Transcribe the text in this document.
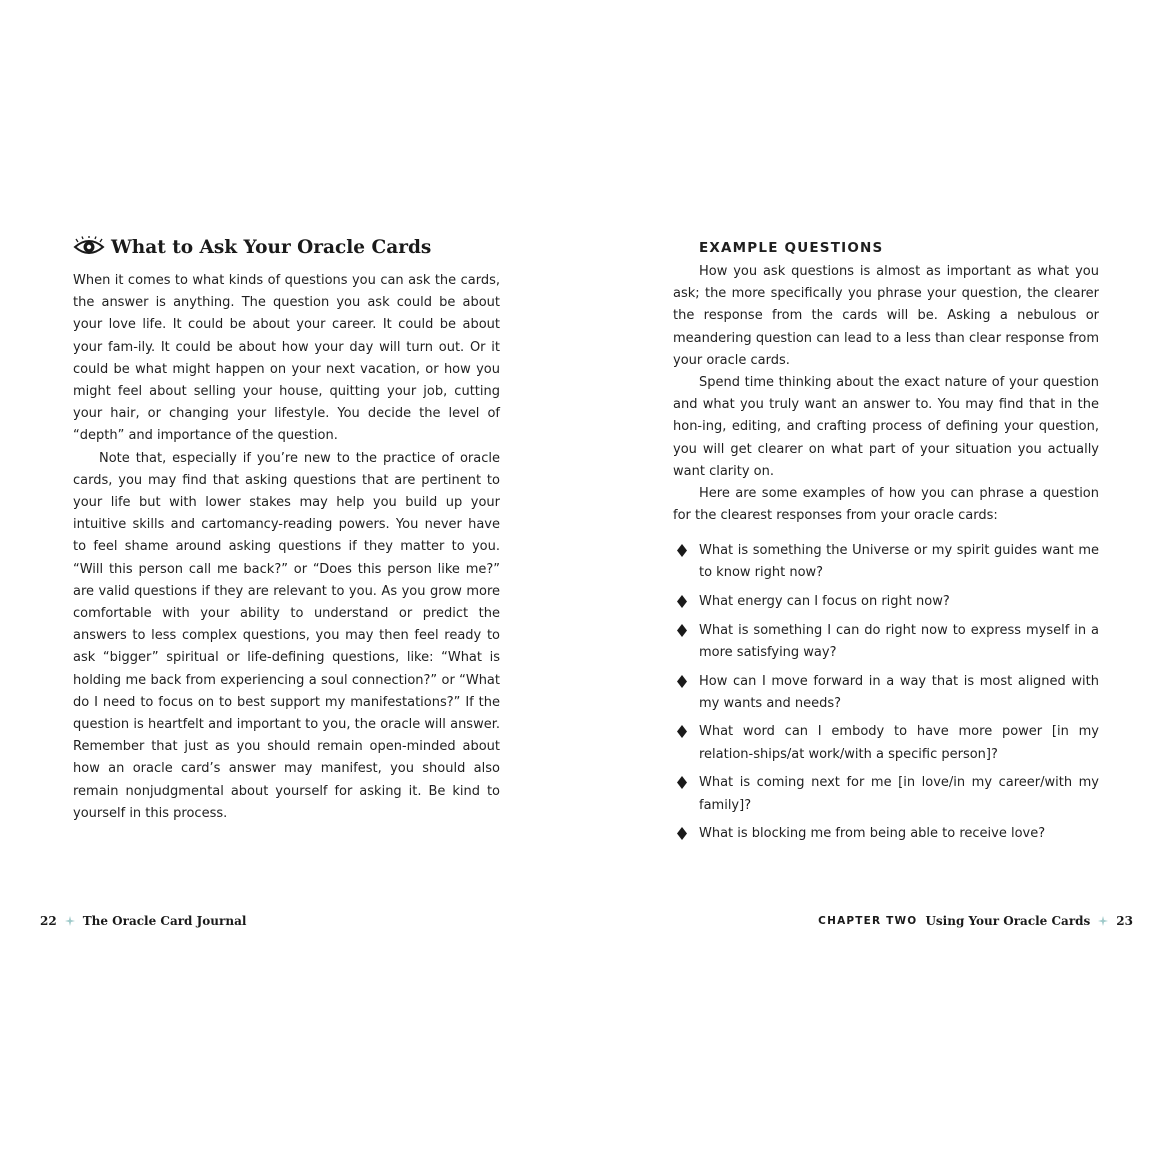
What to Ask Your Oracle Cards

When it comes to what kinds of questions you can ask the cards, the answer is anything. The question you ask could be about your love life. It could be about your career. It could be about your fam-ily. It could be about how your day will turn out. Or it could be what might happen on your next vacation, or how you might feel about selling your house, quitting your job, cutting your hair, or changing your lifestyle. You decide the level of “depth” and importance of the question.

Note that, especially if you’re new to the practice of oracle cards, you may find that asking questions that are pertinent to your life but with lower stakes may help you build up your intuitive skills and cartomancy-reading powers. You never have to feel shame around asking questions if they matter to you. “Will this person call me back?” or “Does this person like me?” are valid questions if they are relevant to you. As you grow more comfortable with your ability to understand or predict the answers to less complex questions, you may then feel ready to ask “bigger” spiritual or life-defining questions, like: “What is holding me back from experiencing a soul connection?” or “What do I need to focus on to best support my manifestations?” If the question is heartfelt and important to you, the oracle will answer. Remember that just as you should remain open-minded about how an oracle card’s answer may manifest, you should also remain nonjudgmental about yourself for asking it. Be kind to yourself in this process.

22 The Oracle Card Journal
EXAMPLE QUESTIONS

How you ask questions is almost as important as what you ask; the more specifically you phrase your question, the clearer the response from the cards will be. Asking a nebulous or meandering question can lead to a less than clear response from your oracle cards.

Spend time thinking about the exact nature of your question and what you truly want an answer to. You may find that in the hon-ing, editing, and crafting process of defining your question, you will get clearer on what part of your situation you actually want clarity on.

Here are some examples of how you can phrase a question for the clearest responses from your oracle cards:

What is something the Universe or my spirit guides want me to know right now?
What energy can I focus on right now?
What is something I can do right now to express myself in a more satisfying way?
How can I move forward in a way that is most aligned with my wants and needs?
What word can I embody to have more power [in my relation-ships/at work/with a specific person]?
What is coming next for me [in love/in my career/with my family]?
What is blocking me from being able to receive love?
CHAPTER TWO Using Your Oracle Cards 23
